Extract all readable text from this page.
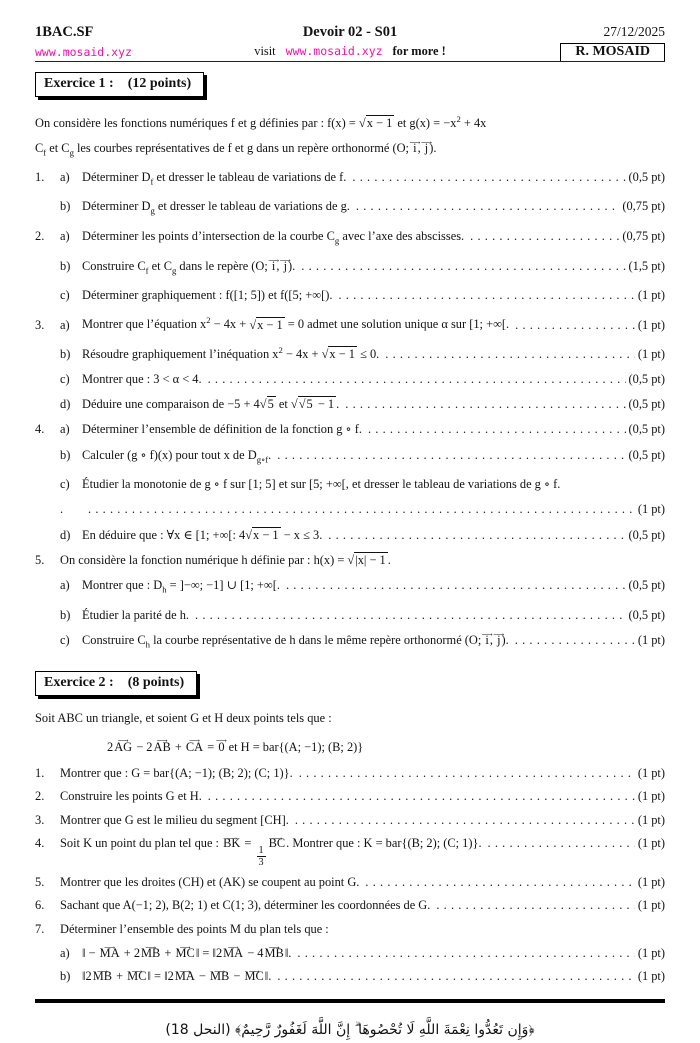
1BAC.SF	Devoir 02 - S01	27/12/2025
www.mosaid.xyz	visit www.mosaid.xyz for more !	R. MOSAID
Exercice 1 : (12 points)
On considère les fonctions numériques f et g définies par : f(x) = √x − 1 et $g(x) = -x^2 + 4x$
$C_f$ et $C_g$ les courbes représentatives de f et g dans un repère orthonormé (O; ⟶ i, ⟶ j).
1.	a) Déterminer $D_f$ et dresser le tableau de variations de f. .....	(0,5 pt)
b) Déterminer $D_g$ et dresser le tableau de variations de g. .....	(0,75 pt)
2.	a) Déterminer les points d’intersection de la courbe $C_g$ avec l’axe des abscisses. .....	(0,75 pt)
b) Construire $C_f$ et $C_g$ dans le repère (O; ⟶ i, ⟶ j). .....	(1,5 pt)
c) Déterminer graphiquement : f([1; 5]) et f([5; +∞[). .....	(1 pt)
3.	a) Montrer que l’équation $x^2 - 4x + √x - 1 = 0$ admet une solution unique α sur [1; +∞[. .....	(1 pt)
b) Résoudre graphiquement l’inéquation $x^2 - 4x + √x - 1 \le 0$. .....	(1 pt)
c) Montrer que : 3 < α < 4. .....	(0,5 pt)
d) Déduire une comparaison de −5 + 4√5 et √√5 − 1 . .....	(0,5 pt)
4.	a) Déterminer l’ensemble de définition de la fonction g ∘ f. .....	(0,5 pt)
b) Calculer (g ∘ f)(x) pour tout x de $D_{g\circ f}$. .....	(0,5 pt)
c) Étudier la monotonie de g ∘ f sur [1; 5] et sur [5; +∞[, et dresser le tableau de variations de g ∘ f.
. .....	(1 pt)
d) En déduire que : ∀x ∈ [1; +∞[: 4√x − 1 − x ≤ 3. .....	(0,5 pt)
5.	On considère la fonction numérique h définie par : h(x) = √|x| − 1 .
a) Montrer que : $D_h$ = ]−∞; −1] ∪ [1; +∞[. .....	(0,5 pt)
b) Étudier la parité de h. .....	(0,5 pt)
c) Construire $C_h$ la courbe représentative de h dans le même repère orthonormé (O; ⟶ i, ⟶ j). .....	(1 pt)
Exercice 2 : (8 points)
Soit ABC un triangle, et soient G et H deux points tels que :
2⟶ AG − 2⟶ AB + ⟶ CA = ⟶ 0 et H = bar{(A; −1); (B; 2)}
1.	Montrer que : G = bar{(A; −1); (B; 2); (C; 1)}. .....	(1 pt)
2.	Construire les points G et H. .....	(1 pt)
3.	Montrer que G est le milieu du segment [CH]. .....	(1 pt)
4.	Soit K un point du plan tel que : ⟶ BK =
$\frac{1}{3}$
⟶ BC. Montrer que : K = bar{(B; 2); (C; 1)}. .....	(1 pt)
5.	Montrer que les droites (CH) et (AK) se coupent au point G. .....	(1 pt)
6.	Sachant que A(−1; 2), B(2; 1) et C(1; 3), déterminer les coordonnées de G. .....	(1 pt)
7.	Déterminer l’ensemble des points M du plan tels que :
a) ‖ − ⟶ MA + 2⟶ MB + ⟶ MC‖ = ‖2⟶ MA − 4⟶ MB‖. .....	(1 pt)
b) ‖2⟶ MB + ⟶ MC‖ = ‖2⟶ MA − ⟶ MB − ⟶ MC‖. .....	(1 pt)
﴿وَإِن تَعُدُّوا نِعْمَةَ اللَّهِ لَا تُحْصُوهَا ۗ إِنَّ اللَّهَ لَغَفُورٌ رَّحِيمٌ﴾ (النحل 18)
